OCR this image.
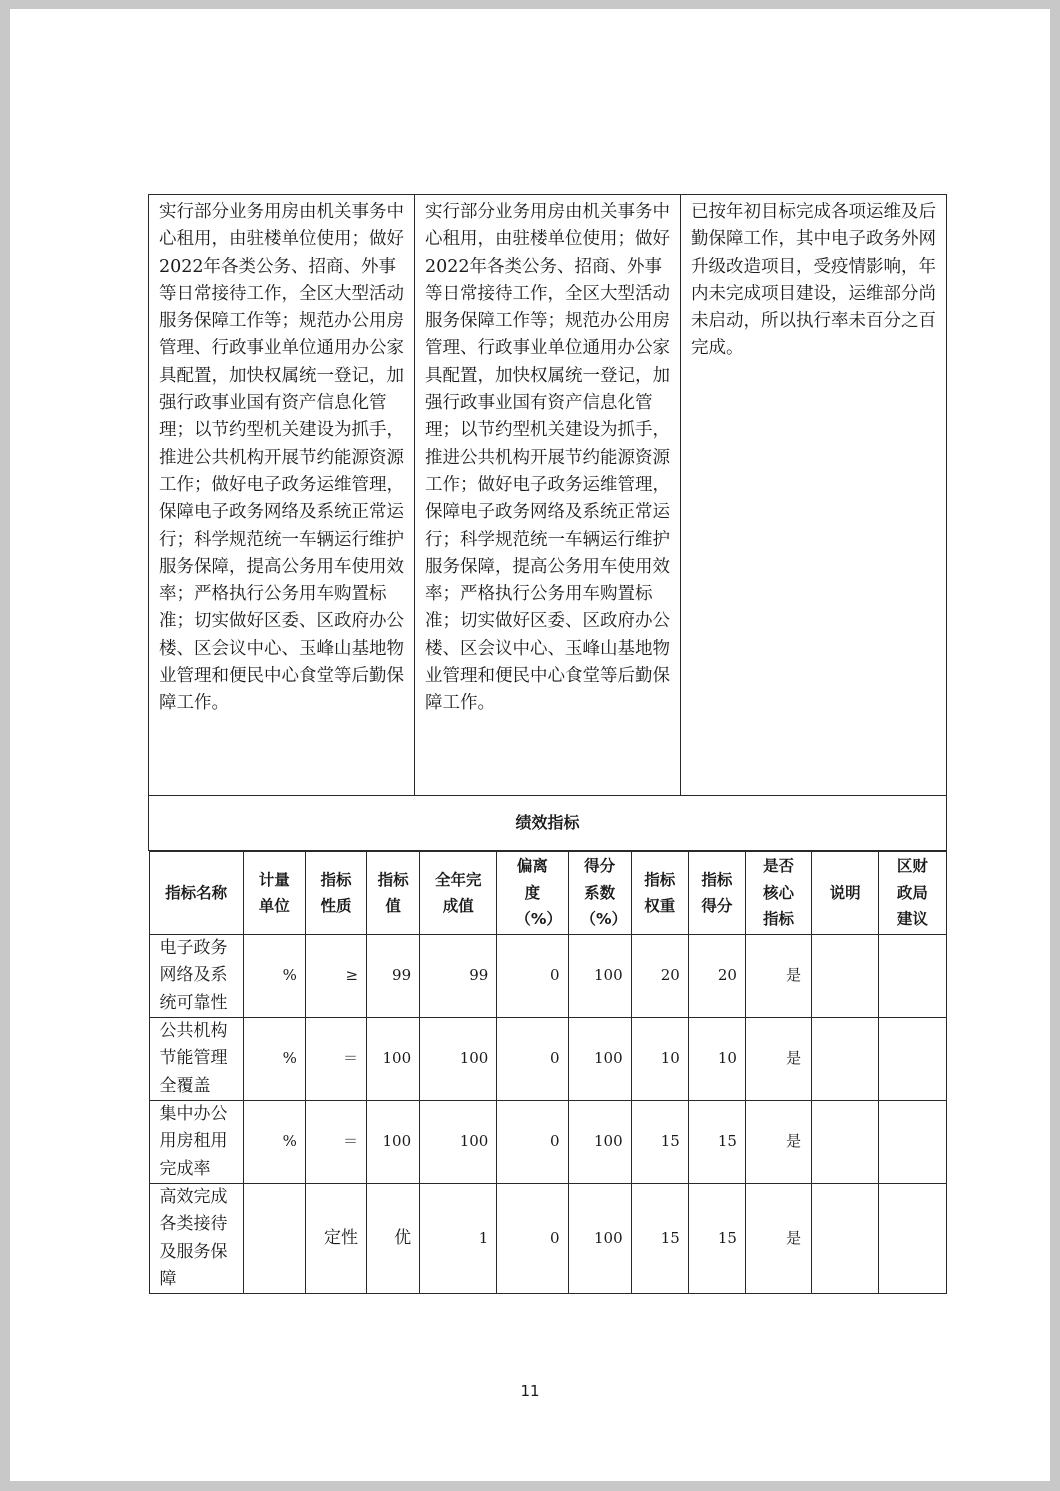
实行部分业务用房由机关事务中心租用，由驻楼单位使用；做好2022年各类公务、招商、外事等日常接待工作，全区大型活动服务保障工作等；规范办公用房管理、行政事业单位通用办公家具配置，加快权属统一登记，加强行政事业国有资产信息化管理；以节约型机关建设为抓手，推进公共机构开展节约能源资源工作；做好电子政务运维管理，保障电子政务网络及系统正常运行；科学规范统一车辆运行维护服务保障，提高公务用车使用效率；严格执行公务用车购置标准；切实做好区委、区政府办公楼、区会议中心、玉峰山基地物业管理和便民中心食堂等后勤保障工作。	实行部分业务用房由机关事务中心租用，由驻楼单位使用；做好2022年各类公务、招商、外事等日常接待工作，全区大型活动服务保障工作等；规范办公用房管理、行政事业单位通用办公家具配置，加快权属统一登记，加强行政事业国有资产信息化管理；以节约型机关建设为抓手，推进公共机构开展节约能源资源工作；做好电子政务运维管理，保障电子政务网络及系统正常运行；科学规范统一车辆运行维护服务保障，提高公务用车使用效率；严格执行公务用车购置标准；切实做好区委、区政府办公楼、区会议中心、玉峰山基地物业管理和便民中心食堂等后勤保障工作。	已按年初目标完成各项运维及后勤保障工作，其中电子政务外网升级改造项目，受疫情影响，年内未完成项目建设，运维部分尚未启动，所以执行率未百分之百完成。
绩效指标

指标名称	计量单位	指标性质	指标值	全年完成值	偏离度（%）	得分系数（%）	指标权重	指标得分	是否核心指标	说明	区财政局建议
电子政务网络及系统可靠性	%	≥	99	99	0	100	20	20	是		
公共机构节能管理全覆盖	%	＝	100	100	0	100	10	10	是		
集中办公用房租用完成率	%	＝	100	100	0	100	15	15	是		
高效完成各类接待及服务保障		定性	优	1	0	100	15	15	是		
11
